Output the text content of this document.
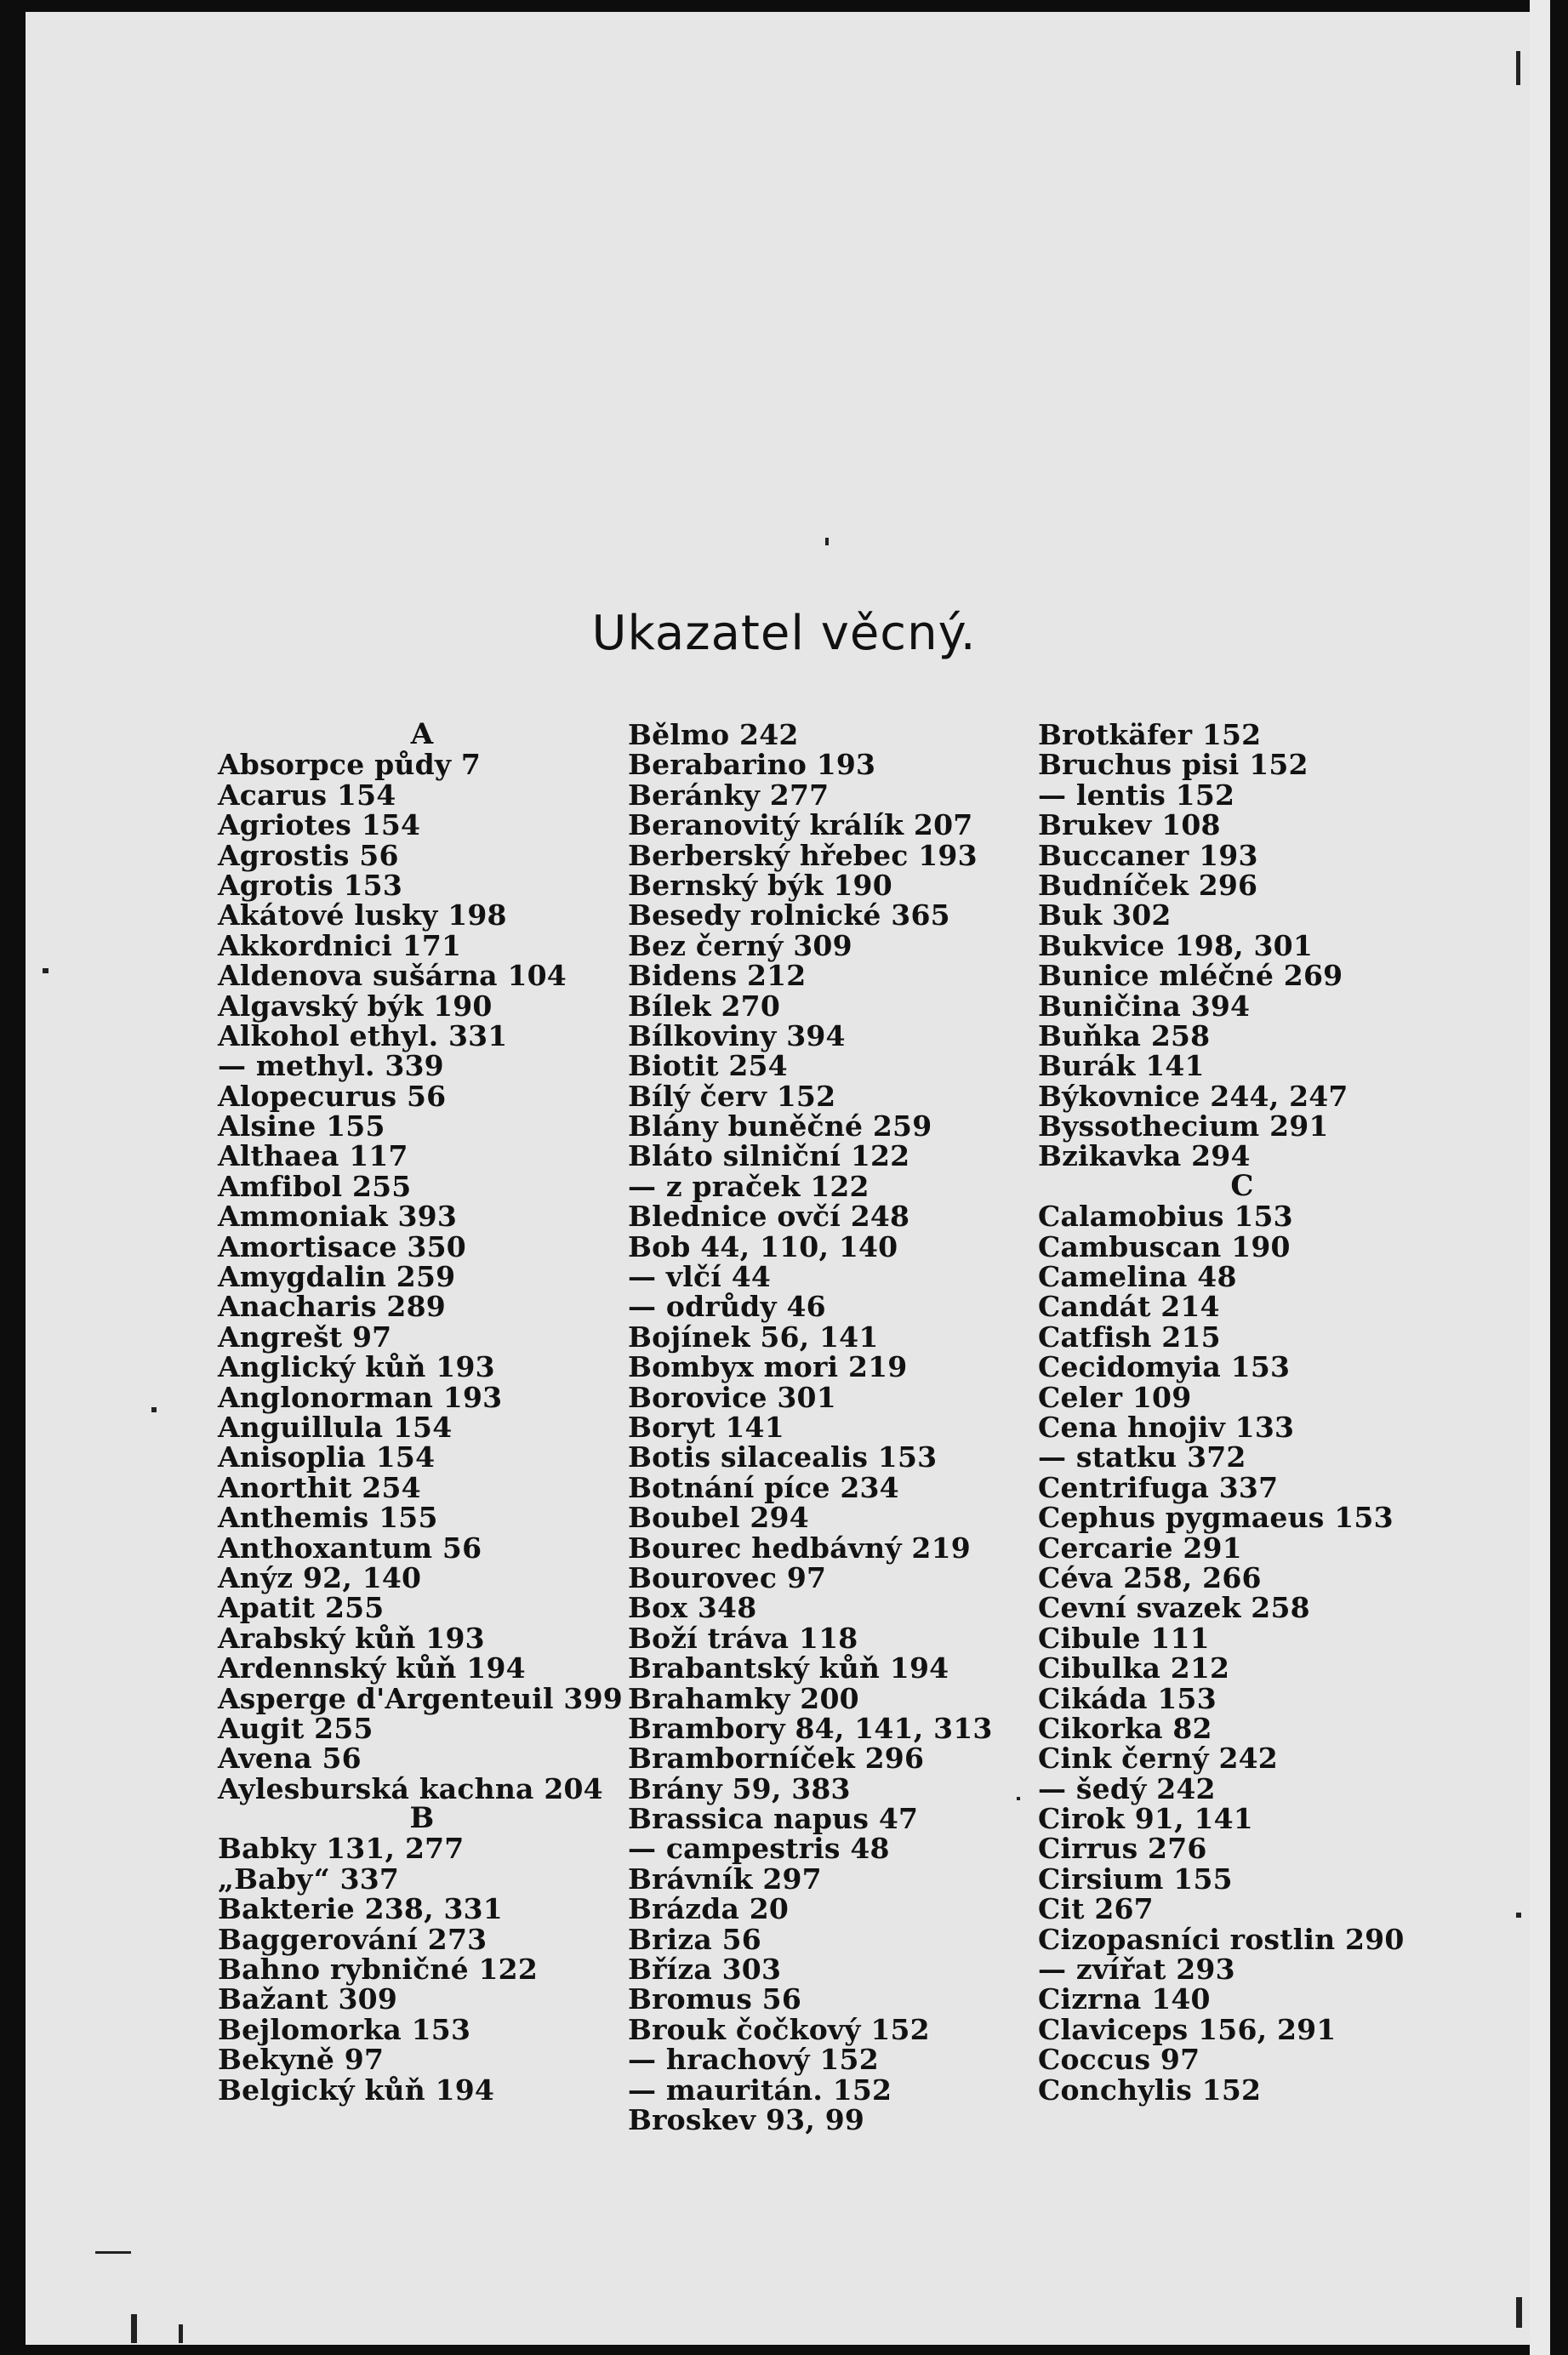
Ukazatel věcný.
A
Absorpce půdy 7
Acarus 154
Agriotes 154
Agrostis 56
Agrotis 153
Akátové lusky 198
Akkordnici 171
Aldenova sušárna 104
Algavský býk 190
Alkohol ethyl. 331
— methyl. 339
Alopecurus 56
Alsine 155
Althaea 117
Amfibol 255
Ammoniak 393
Amortisace 350
Amygdalin 259
Anacharis 289
Angrešt 97
Anglický kůň 193
Anglonorman 193
Anguillula 154
Anisoplia 154
Anorthit 254
Anthemis 155
Anthoxantum 56
Anýz 92, 140
Apatit 255
Arabský kůň 193
Ardennský kůň 194
Asperge d'Argenteuil 399
Augit 255
Avena 56
Aylesburská kachna 204
B
Babky 131, 277
„Baby“ 337
Bakterie 238, 331
Baggerování 273
Bahno rybničné 122
Bažant 309
Bejlomorka 153
Bekyně 97
Belgický kůň 194
Bělmo 242
Berabarino 193
Beránky 277
Beranovitý králík 207
Berberský hřebec 193
Bernský býk 190
Besedy rolnické 365
Bez černý 309
Bidens 212
Bílek 270
Bílkoviny 394
Biotit 254
Bílý červ 152
Blány buněčné 259
Bláto silniční 122
— z praček 122
Blednice ovčí 248
Bob 44, 110, 140
— vlčí 44
— odrůdy 46
Bojínek 56, 141
Bombyx mori 219
Borovice 301
Boryt 141
Botis silacealis 153
Botnání píce 234
Boubel 294
Bourec hedbávný 219
Bourovec 97
Box 348
Boží tráva 118
Brabantský kůň 194
Brahamky 200
Brambory 84, 141, 313
Bramborníček 296
Brány 59, 383
Brassica napus 47
— campestris 48
Brávník 297
Brázda 20
Briza 56
Bříza 303
Bromus 56
Brouk čočkový 152
— hrachový 152
— mauritán. 152
Broskev 93, 99
Brotkäfer 152
Bruchus pisi 152
— lentis 152
Brukev 108
Buccaner 193
Budníček 296
Buk 302
Bukvice 198, 301
Bunice mléčné 269
Buničina 394
Buňka 258
Burák 141
Býkovnice 244, 247
Byssothecium 291
Bzikavka 294
C
Calamobius 153
Cambuscan 190
Camelina 48
Candát 214
Catfish 215
Cecidomyia 153
Celer 109
Cena hnojiv 133
— statku 372
Centrifuga 337
Cephus pygmaeus 153
Cercarie 291
Céva 258, 266
Cevní svazek 258
Cibule 111
Cibulka 212
Cikáda 153
Cikorka 82
Cink černý 242
— šedý 242
Cirok 91, 141
Cirrus 276
Cirsium 155
Cit 267
Cizopasníci rostlin 290
— zvířat 293
Cizrna 140
Claviceps 156, 291
Coccus 97
Conchylis 152
